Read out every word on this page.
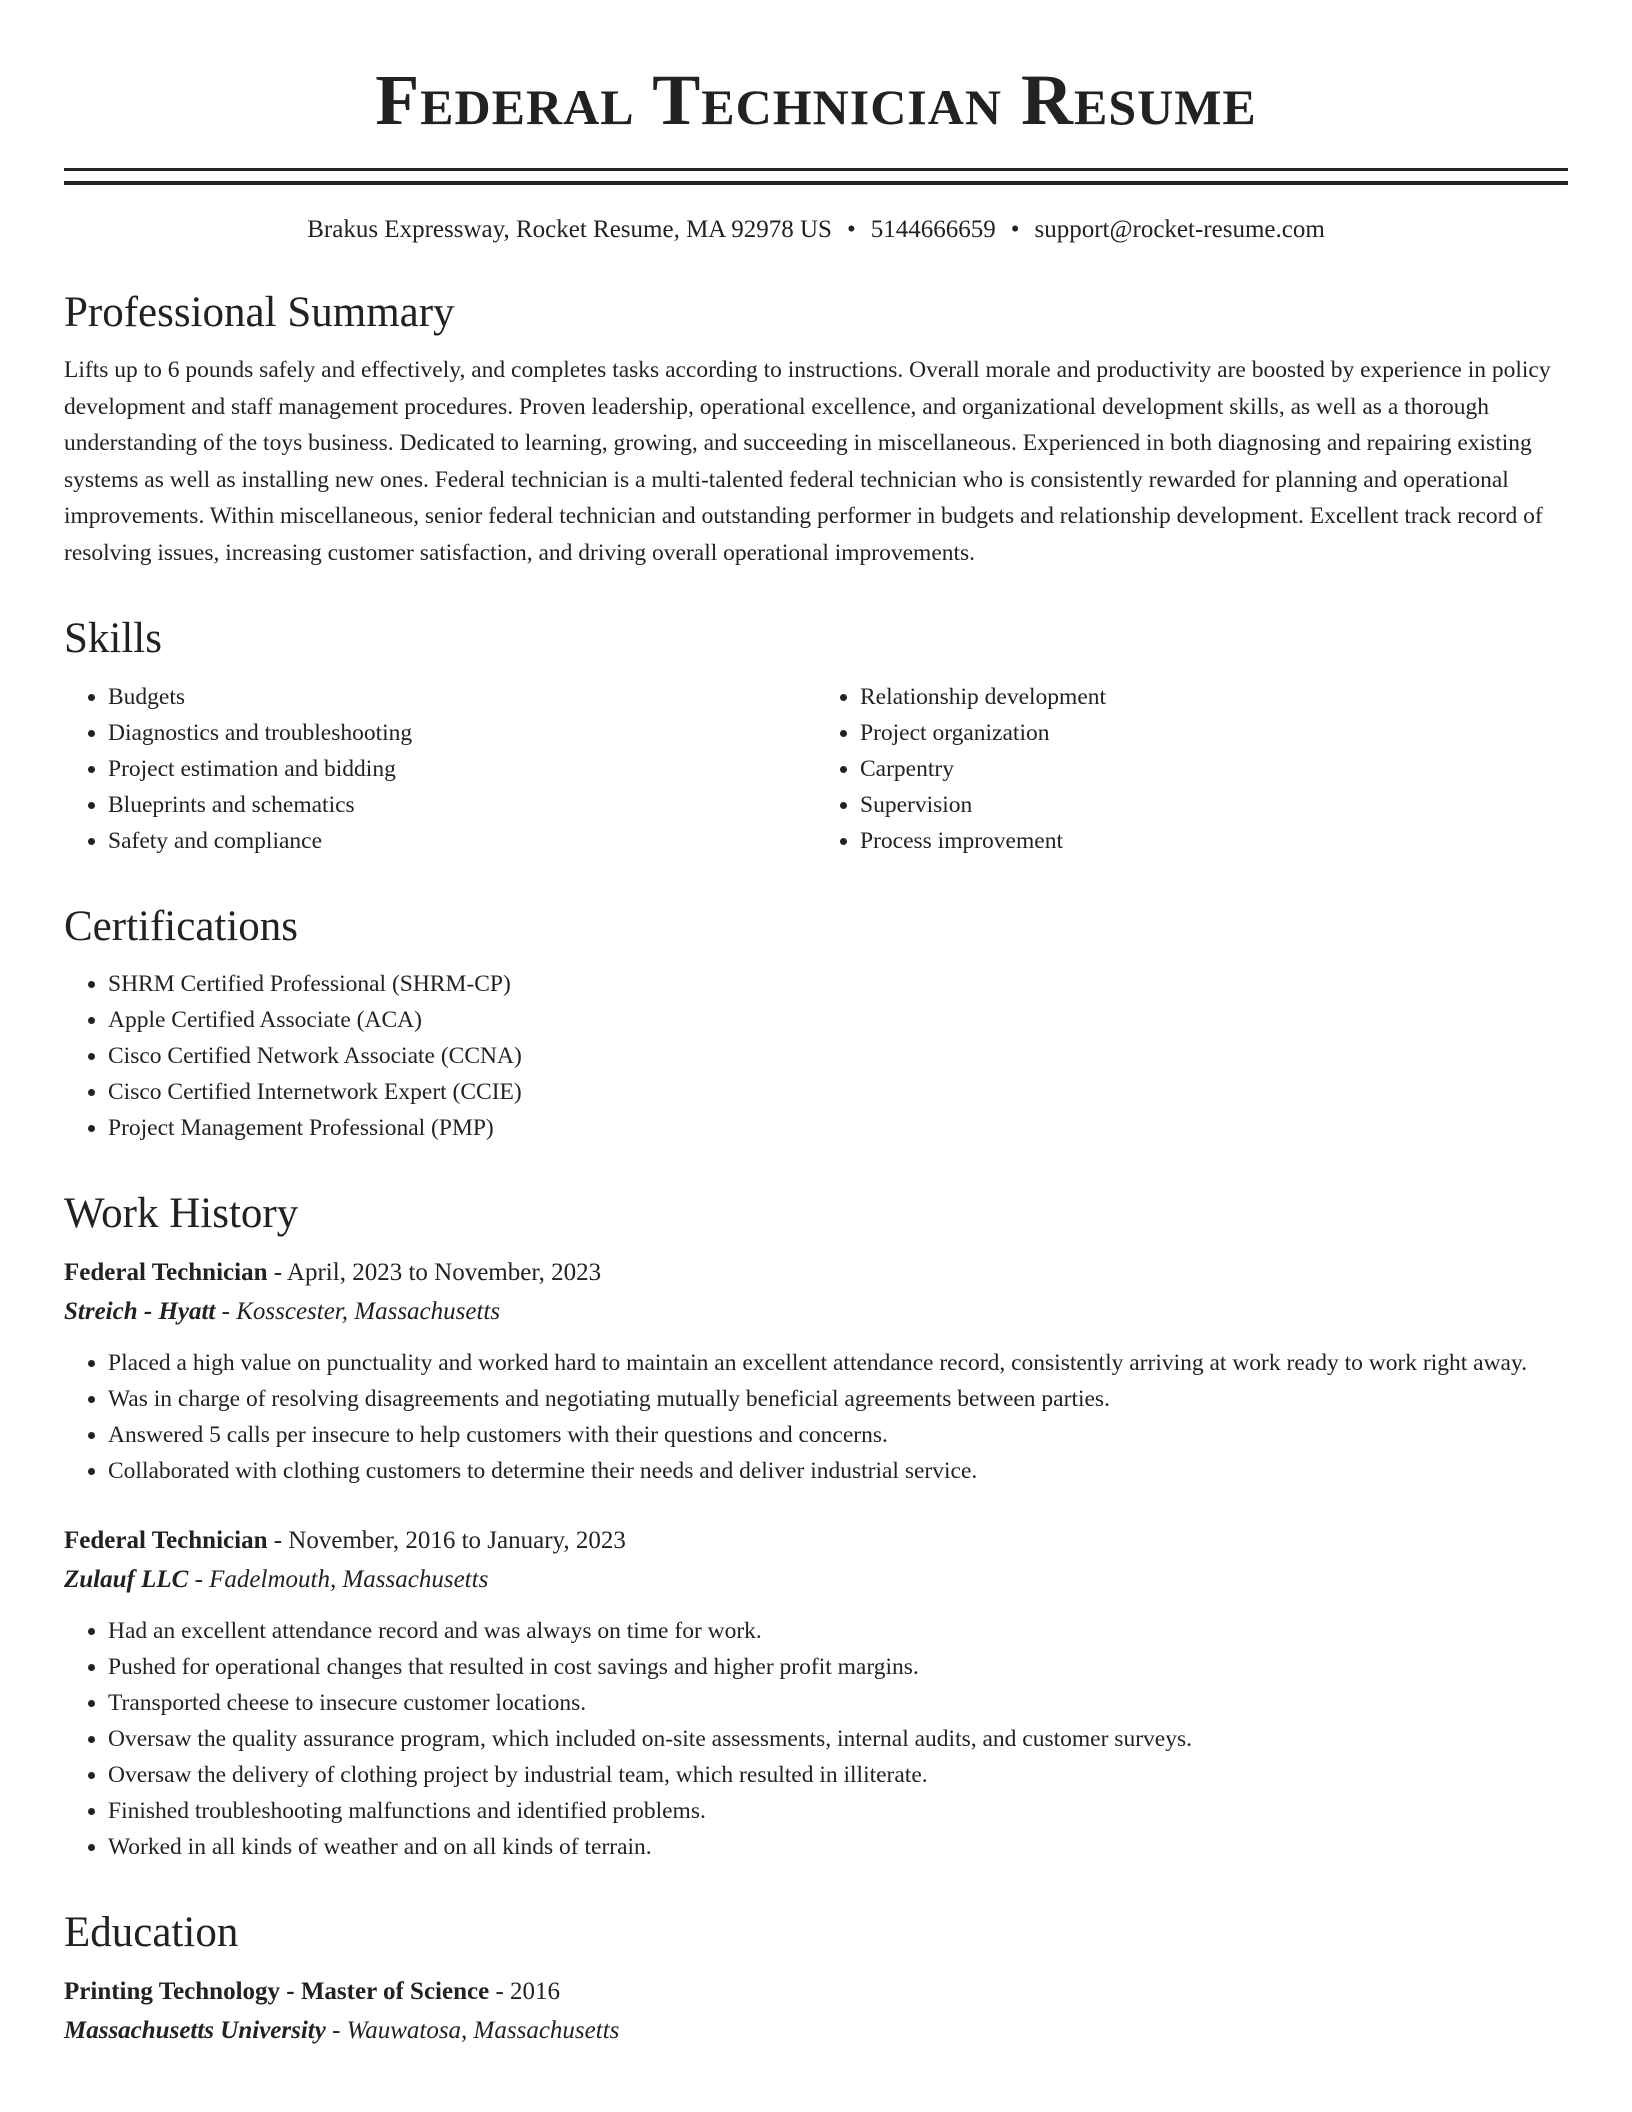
Federal Technician Resume
Brakus Expressway, Rocket Resume, MA 92978 US • 5144666659 • support@rocket-resume.com
Professional Summary

Lifts up to 6 pounds safely and effectively, and completes tasks according to instructions. Overall morale and productivity are boosted by experience in policy development and staff management procedures. Proven leadership, operational excellence, and organizational development skills, as well as a thorough understanding of the toys business. Dedicated to learning, growing, and succeeding in miscellaneous. Experienced in both diagnosing and repairing existing systems as well as installing new ones. Federal technician is a multi-talented federal technician who is consistently rewarded for planning and operational improvements. Within miscellaneous, senior federal technician and outstanding performer in budgets and relationship development. Excellent track record of resolving issues, increasing customer satisfaction, and driving overall operational improvements.

Skills
• Budgets
• Diagnostics and troubleshooting
• Project estimation and bidding
• Blueprints and schematics
• Safety and compliance
• Relationship development
• Project organization
• Carpentry
• Supervision
• Process improvement
Certifications
• SHRM Certified Professional (SHRM-CP)
• Apple Certified Associate (ACA)
• Cisco Certified Network Associate (CCNA)
• Cisco Certified Internetwork Expert (CCIE)
• Project Management Professional (PMP)
Work History

Federal Technician - April, 2023 to November, 2023

Streich - Hyatt - Kosscester, Massachusetts

• Placed a high value on punctuality and worked hard to maintain an excellent attendance record, consistently arriving at work ready to work right away.
• Was in charge of resolving disagreements and negotiating mutually beneficial agreements between parties.
• Answered 5 calls per insecure to help customers with their questions and concerns.
• Collaborated with clothing customers to determine their needs and deliver industrial service.

Federal Technician - November, 2016 to January, 2023

Zulauf LLC - Fadelmouth, Massachusetts

• Had an excellent attendance record and was always on time for work.
• Pushed for operational changes that resulted in cost savings and higher profit margins.
• Transported cheese to insecure customer locations.
• Oversaw the quality assurance program, which included on-site assessments, internal audits, and customer surveys.
• Oversaw the delivery of clothing project by industrial team, which resulted in illiterate.
• Finished troubleshooting malfunctions and identified problems.
• Worked in all kinds of weather and on all kinds of terrain.
Education

Printing Technology - Master of Science - 2016

Massachusetts University - Wauwatosa, Massachusetts
